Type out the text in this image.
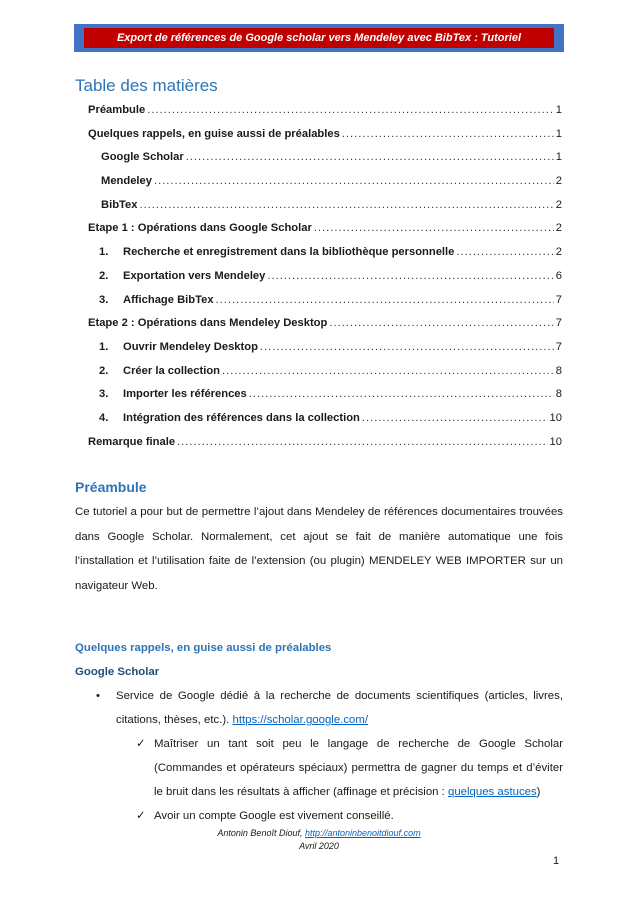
Export de références de Google scholar vers Mendeley avec BibTex : Tutoriel
Table des matières
Préambule .....	1
Quelques rappels, en guise aussi de préalables .....	1
Google Scholar .....	1
Mendeley .....	2
BibTex .....	2
Etape 1 : Opérations dans Google Scholar .....	2
1.	Recherche et enregistrement dans la bibliothèque personnelle .....	2
2.	Exportation vers Mendeley .....	6
3.	Affichage BibTex .....	7
Etape 2 : Opérations dans Mendeley Desktop .....	7
1.	Ouvrir Mendeley Desktop .....	7
2.	Créer la collection .....	8
3.	Importer les références .....	8
4.	Intégration des références dans la collection .....	10
Remarque finale .....	10
Préambule
Ce tutoriel a pour but de permettre l’ajout dans Mendeley de références documentaires trouvées dans Google Scholar. Normalement, cet ajout se fait de manière automatique une fois l’installation et l’utilisation faite de l’extension (ou plugin) MENDELEY WEB IMPORTER sur un navigateur Web.
Quelques rappels, en guise aussi de préalables
Google Scholar
• Service de Google dédié à la recherche de documents scientifiques (articles, livres, citations, thèses, etc.). https://scholar.google.com/
✓ Maîtriser un tant soit peu le langage de recherche de Google Scholar (Commandes et opérateurs spéciaux) permettra de gagner du temps et d’éviter le bruit dans les résultats à afficher (affinage et précision : quelques astuces)
✓ Avoir un compte Google est vivement conseillé.
Antonin Benoît Diouf, http://antoninbenoitdiouf.com
Avril 2020
1
